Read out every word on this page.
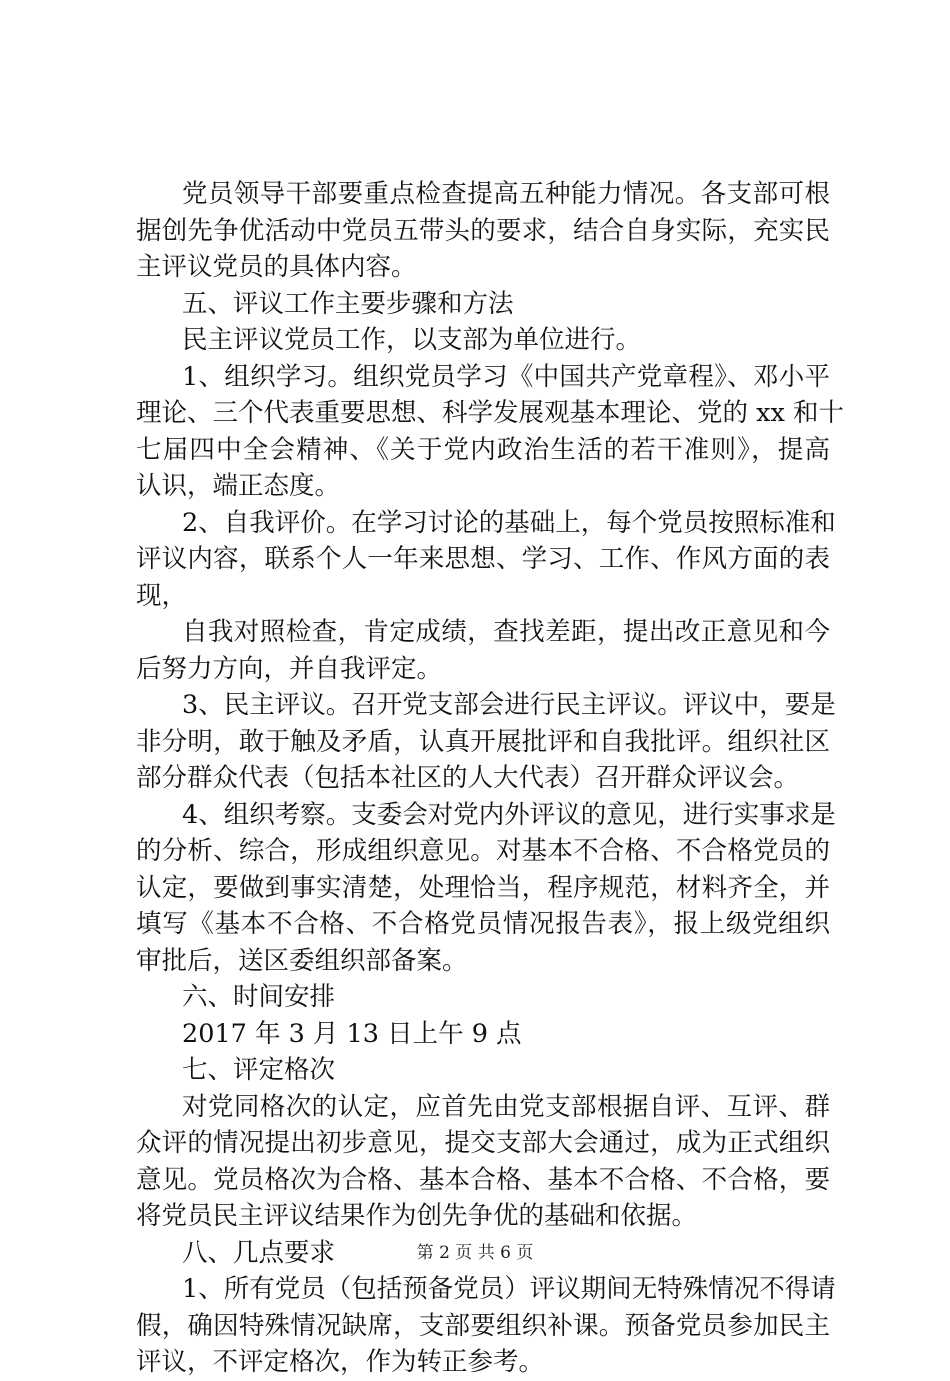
党员领导干部要重点检查提高五种能力情况。各支部可根
据创先争优活动中党员五带头的要求，结合自身实际，充实民
主评议党员的具体内容。
五、评议工作主要步骤和方法
民主评议党员工作，以支部为单位进行。
1、组织学习。组织党员学习《中国共产党章程》、邓小平
理论、三个代表重要思想、科学发展观基本理论、党的 xx 和十
七届四中全会精神、《关于党内政治生活的若干准则》，提高
认识，端正态度。
2、自我评价。在学习讨论的基础上，每个党员按照标准和
评议内容，联系个人一年来思想、学习、工作、作风方面的表
现，
自我对照检查，肯定成绩，查找差距，提出改正意见和今
后努力方向，并自我评定。
3、民主评议。召开党支部会进行民主评议。评议中，要是
非分明，敢于触及矛盾，认真开展批评和自我批评。组织社区
部分群众代表（包括本社区的人大代表）召开群众评议会。
4、组织考察。支委会对党内外评议的意见，进行实事求是
的分析、综合，形成组织意见。对基本不合格、不合格党员的
认定，要做到事实清楚，处理恰当，程序规范，材料齐全，并
填写《基本不合格、不合格党员情况报告表》，报上级党组织
审批后，送区委组织部备案。
六、时间安排
2017 年 3 月 13 日上午 9 点
七、评定格次
对党同格次的认定，应首先由党支部根据自评、互评、群
众评的情况提出初步意见，提交支部大会通过，成为正式组织
意见。党员格次为合格、基本合格、基本不合格、不合格，要
将党员民主评议结果作为创先争优的基础和依据。
八、几点要求
1、所有党员（包括预备党员）评议期间无特殊情况不得请
假，确因特殊情况缺席，支部要组织补课。预备党员参加民主
评议，不评定格次，作为转正参考。
第 2 页 共 6 页
